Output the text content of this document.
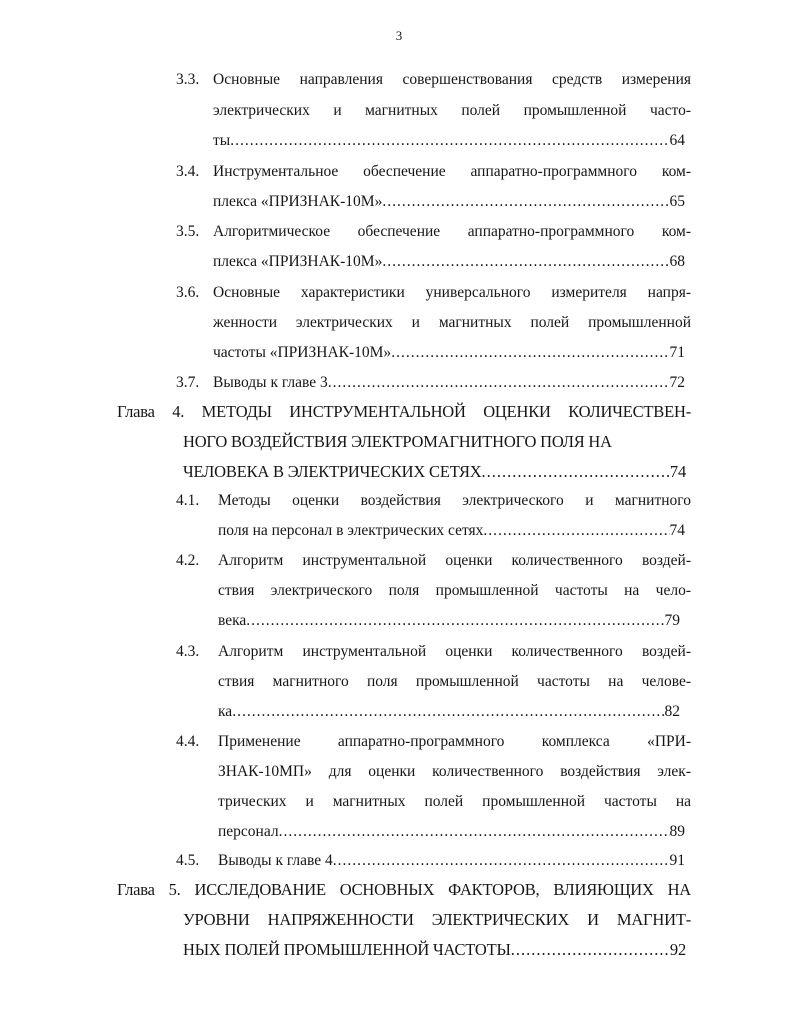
3
3.3. Основные направления совершенствования средств измерения
электрических и магнитных полей промышленной часто-
ты .....	64
3.4. Инструментальное обеспечение аппаратно-программного ком-
плекса «ПРИЗНАК-10М» .....	65
3.5. Алгоритмическое обеспечение аппаратно-программного ком-
плекса «ПРИЗНАК-10М» .....	68
3.6. Основные характеристики универсального измерителя напря-
женности электрических и магнитных полей промышленной
частоты «ПРИЗНАК-10М» .....	71
3.7. Выводы к главе 3 .....	72
Глава 4. МЕТОДЫ ИНСТРУМЕНТАЛЬНОЙ ОЦЕНКИ КОЛИЧЕСТВЕН-
НОГО ВОЗДЕЙСТВИЯ ЭЛЕКТРОМАГНИТНОГО ПОЛЯ НА
ЧЕЛОВЕКА В ЭЛЕКТРИЧЕСКИХ СЕТЯХ .....	74
4.1. Методы оценки воздействия электрического и магнитного
поля на персонал в электрических сетях .....	74
4.2. Алгоритм инструментальной оценки количественного воздей-
ствия электрического поля промышленной частоты на чело-
века .....	79
4.3. Алгоритм инструментальной оценки количественного воздей-
ствия магнитного поля промышленной частоты на челове-
ка .....	82
4.4. Применение аппаратно-программного комплекса «ПРИ-
ЗНАК-10МП» для оценки количественного воздействия элек-
трических и магнитных полей промышленной частоты на
персонал .....	89
4.5. Выводы к главе 4 .....	91
Глава 5. ИССЛЕДОВАНИЕ ОСНОВНЫХ ФАКТОРОВ, ВЛИЯЮЩИХ НА
УРОВНИ НАПРЯЖЕННОСТИ ЭЛЕКТРИЧЕСКИХ И МАГНИТ-
НЫХ ПОЛЕЙ ПРОМЫШЛЕННОЙ ЧАСТОТЫ .....	92
